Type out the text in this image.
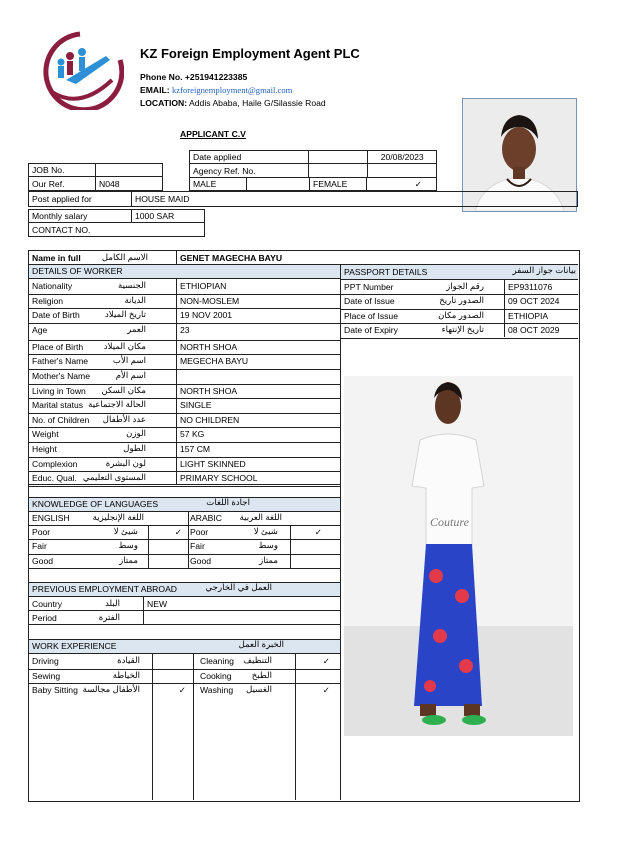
KZ Foreign Employment Agent PLC
Phone No. +251941223385
EMAIL: kzforeignemployment@gmail.com
LOCATION: Addis Ababa, Haile G/Silassie Road
APPLICANT C.V
Date applied		20/08/2023
Agency Ref. No.		
JOB No.	
Our Ref.	N048	MALE		FEMALE	✓
Post applied for	HOUSE MAID
Monthly salary	1000 SAR
CONTACT NO.
Name in full الاسم الكامل	GENET MAGECHA BAYU
DETAILS OF WORKER	PASSPORT DETAILS	بيانات جواز السفر
Nationality	الجنسية	ETHIOPIAN
Religion	الديانة	NON-MOSLEM
Date of Birth	تاريخ الميلاد	19 NOV 2001
Age	العمر	23
Place of Birth	مكان الميلاد	NORTH SHOA
Father's Name	اسم الأب	MEGECHA BAYU
Mother's Name	اسم الأم
Living in Town	مكان السكن	NORTH SHOA
Marital status الحالة الاجتماعية	SINGLE
No. of Children	عدد الأطفال	NO CHILDREN
Weight	الوزن	57 KG
Height	الطول	157 CM
Complexion	لون البشرة	LIGHT SKINNED
Educ. Qual. المستوى التعليمي	PRIMARY SCHOOL
PPT Number	رقم الجواز	EP9311076
Date of Issue	الصدور تاريخ	09 OCT 2024
Place of Issue	الصدور مكان	ETHIOPIA
Date of Expiry	تاريخ الإنتهاء	08 OCT 2029
Couture
KNOWLEDGE OF LANGUAGES	اجادة اللغات
ENGLISH	اللغة الإنجليزية	ARABIC	اللغة العربية
Poor	شيئ لا	✓ Poor	شيئ لا	✓
Fair	وسط	Fair	وسط
Good	ممتاز	Good	ممتاز
PREVIOUS EMPLOYMENT ABROAD	العمل في الخارجي
Country	البلد	NEW
Period	الفترة
WORK EXPERIENCE	الخبرة العمل
Driving	القيادة	Cleaning	التنظيف	✓
Sewing	الخياطة	Cooking	الطبخ
Baby Sitting الأطفال مجالسة	✓ Washing	الغسيل	✓
